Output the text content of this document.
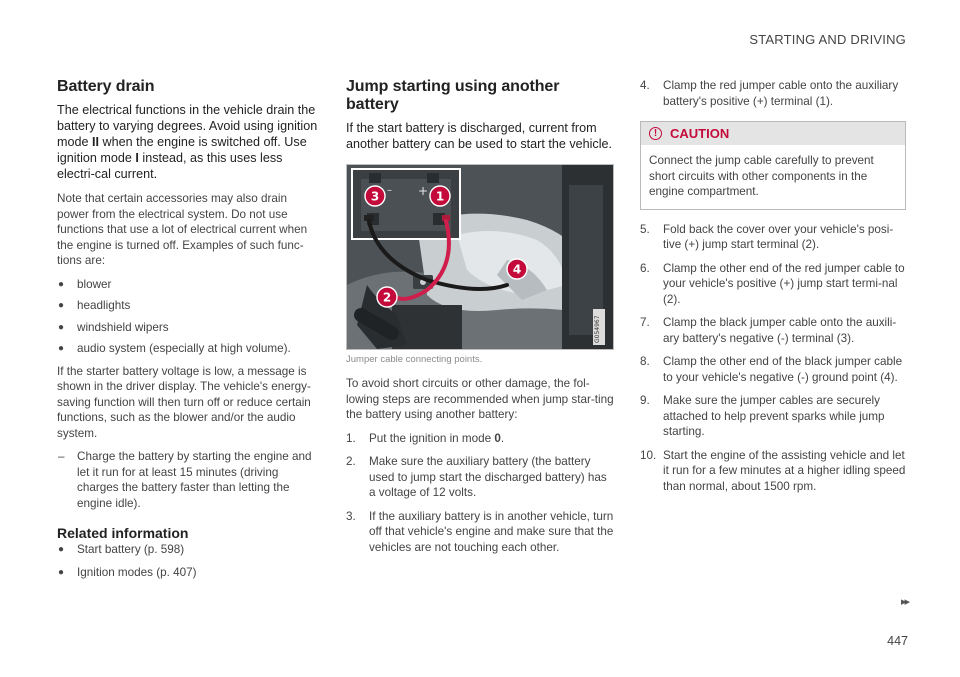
STARTING AND DRIVING
Battery drain

The electrical functions in the vehicle drain the battery to varying degrees. Avoid using ignition mode II when the engine is switched off. Use ignition mode I instead, as this uses less electri-cal current.

Note that certain accessories may also drain power from the electrical system. Do not use functions that use a lot of electrical current when the engine is turned off. Examples of such func-tions are:

● blower
● headlights
● windshield wipers
● audio system (especially at high volume).

If the starter battery voltage is low, a message is shown in the driver display. The vehicle's energy-saving function will then turn off or reduce certain functions, such as the blower and/or the audio system.

– Charge the battery by starting the engine and let it run for at least 15 minutes (driving charges the battery faster than letting the engine idle).
Related information
● Start battery (p. 598)
● Ignition modes (p. 407)
Jump starting using another battery

If the start battery is discharged, current from another battery can be used to start the vehicle.

G054967
– + 1
3
4
2
Jumper cable connecting points.

To avoid short circuits or other damage, the fol-lowing steps are recommended when jump star-ting the battery using another battery:

1. Put the ignition in mode 0.
2. Make sure the auxiliary battery (the battery used to jump start the discharged battery) has a voltage of 12 volts.
3. If the auxiliary battery is in another vehicle, turn off that vehicle's engine and make sure that the vehicles are not touching each other.
4. Clamp the red jumper cable onto the auxiliary battery's positive (+) terminal (1).
! CAUTION
Connect the jump cable carefully to prevent short circuits with other components in the engine compartment.
5. Fold back the cover over your vehicle's posi-tive (+) jump start terminal (2).
6. Clamp the other end of the red jumper cable to your vehicle's positive (+) jump start termi-nal (2).
7. Clamp the black jumper cable onto the auxili-ary battery's negative (-) terminal (3).
8. Clamp the other end of the black jumper cable to your vehicle's negative (-) ground point (4).
9. Make sure the jumper cables are securely attached to help prevent sparks while jump starting.
10. Start the engine of the assisting vehicle and let it run for a few minutes at a higher idling speed than normal, about 1500 rpm.
▸▸
447
